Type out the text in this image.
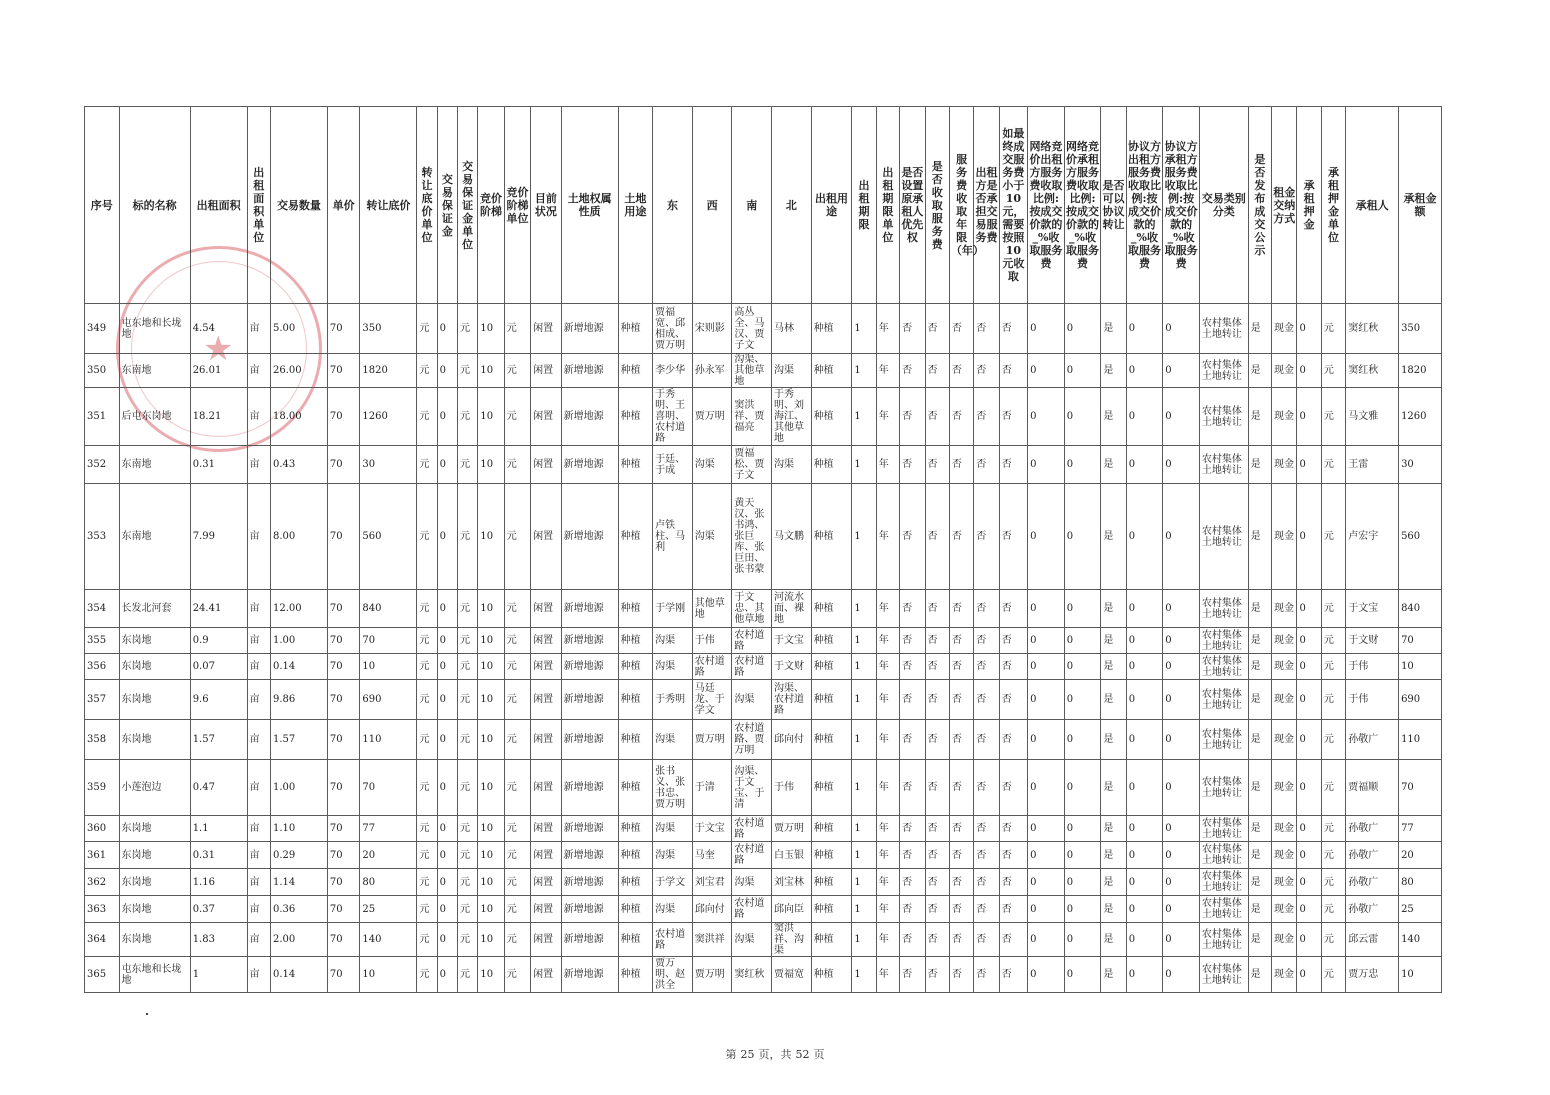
★
序号	标的名称	出租面积	出租面积单位	交易数量	单价	转让底价	转让底价单位	交易保证金	交易保证金单位	竞价阶梯	竞价阶梯单位	目前状况	土地权属性质	土地用途	东	西	南	北	出租用途	出租期限	出租期限单位	是否设置原承租人优先权	是否收取服务费	服务费收取年限（年）	出租方是否承担交易服务费	如最终成交服务费小于10元，需要按照10元收取	网络竞价出租方服务费收取比例:按成交价款的_%收取服务费	网络竞价承租方服务费收取比例:按成交价款的_%收取服务费	是否可以协议转让	协议方出租方服务费收取比例:按成交价款的_%收取服务费	协议方承租方服务费收取比例:按成交价款的_%收取服务费	交易类别分类	是否发布成交公示	租金交纳方式	承租押金	承租押金单位	承租人	承租金额
349	屯东地和长垅地	4.54	亩	5.00	70	350	元	0	元	10	元	闲置	新增地源	种植	贾福宽、邱相成、贾万明	宋则影	高丛全、马汉、贾子文	马林	种植	1	年	否	否	否	否	否	0	0	是	0	0	农村集体土地转让	是	现金	0	元	窦红秋	350
350	东南地	26.01	亩	26.00	70	1820	元	0	元	10	元	闲置	新增地源	种植	李少华	孙永军	沟渠、其他草地	沟渠	种植	1	年	否	否	否	否	否	0	0	是	0	0	农村集体土地转让	是	现金	0	元	窦红秋	1820
351	后屯东岗地	18.21	亩	18.00	70	1260	元	0	元	10	元	闲置	新增地源	种植	于秀明、王喜明、农村道路	贾万明	窦洪祥、贾福亮	于秀明、刘海江、其他草地	种植	1	年	否	否	否	否	否	0	0	是	0	0	农村集体土地转让	是	现金	0	元	马文雅	1260
352	东南地	0.31	亩	0.43	70	30	元	0	元	10	元	闲置	新增地源	种植	于廷、于成	沟渠	贾福松、贾子文	沟渠	种植	1	年	否	否	否	否	否	0	0	是	0	0	农村集体土地转让	是	现金	0	元	王雷	30
353	东南地	7.99	亩	8.00	70	560	元	0	元	10	元	闲置	新增地源	种植	卢铁柱、马利	沟渠	黄天汉、张书鸿、张巨库、张巨田、张书蒙	马文鹏	种植	1	年	否	否	否	否	否	0	0	是	0	0	农村集体土地转让	是	现金	0	元	卢宏宇	560
354	长发北河套	24.41	亩	12.00	70	840	元	0	元	10	元	闲置	新增地源	种植	于学刚	其他草地	于文忠、其他草地	河流水面、裸地	种植	1	年	否	否	否	否	否	0	0	是	0	0	农村集体土地转让	是	现金	0	元	于文宝	840
355	东岗地	0.9	亩	1.00	70	70	元	0	元	10	元	闲置	新增地源	种植	沟渠	于伟	农村道路	于文宝	种植	1	年	否	否	否	否	否	0	0	是	0	0	农村集体土地转让	是	现金	0	元	于文财	70
356	东岗地	0.07	亩	0.14	70	10	元	0	元	10	元	闲置	新增地源	种植	沟渠	农村道路	农村道路	于文财	种植	1	年	否	否	否	否	否	0	0	是	0	0	农村集体土地转让	是	现金	0	元	于伟	10
357	东岗地	9.6	亩	9.86	70	690	元	0	元	10	元	闲置	新增地源	种植	于秀明	马廷龙、于学文	沟渠	沟渠、农村道路	种植	1	年	否	否	否	否	否	0	0	是	0	0	农村集体土地转让	是	现金	0	元	于伟	690
358	东岗地	1.57	亩	1.57	70	110	元	0	元	10	元	闲置	新增地源	种植	沟渠	贾万明	农村道路、贾万明	邱向付	种植	1	年	否	否	否	否	否	0	0	是	0	0	农村集体土地转让	是	现金	0	元	孙敬广	110
359	小莲泡边	0.47	亩	1.00	70	70	元	0	元	10	元	闲置	新增地源	种植	张书义、张书忠、贾万明	于清	沟渠、于文宝、于清	于伟	种植	1	年	否	否	否	否	否	0	0	是	0	0	农村集体土地转让	是	现金	0	元	贾福顺	70
360	东岗地	1.1	亩	1.10	70	77	元	0	元	10	元	闲置	新增地源	种植	沟渠	于文宝	农村道路	贾万明	种植	1	年	否	否	否	否	否	0	0	是	0	0	农村集体土地转让	是	现金	0	元	孙敬广	77
361	东岗地	0.31	亩	0.29	70	20	元	0	元	10	元	闲置	新增地源	种植	沟渠	马奎	农村道路	白玉银	种植	1	年	否	否	否	否	否	0	0	是	0	0	农村集体土地转让	是	现金	0	元	孙敬广	20
362	东岗地	1.16	亩	1.14	70	80	元	0	元	10	元	闲置	新增地源	种植	于学文	刘宝君	沟渠	刘宝林	种植	1	年	否	否	否	否	否	0	0	是	0	0	农村集体土地转让	是	现金	0	元	孙敬广	80
363	东岗地	0.37	亩	0.36	70	25	元	0	元	10	元	闲置	新增地源	种植	沟渠	邱向付	农村道路	邱向臣	种植	1	年	否	否	否	否	否	0	0	是	0	0	农村集体土地转让	是	现金	0	元	孙敬广	25
364	东岗地	1.83	亩	2.00	70	140	元	0	元	10	元	闲置	新增地源	种植	农村道路	窦洪祥	沟渠	窦洪祥、沟渠	种植	1	年	否	否	否	否	否	0	0	是	0	0	农村集体土地转让	是	现金	0	元	邱云雷	140
365	屯东地和长垅地	1	亩	0.14	70	10	元	0	元	10	元	闲置	新增地源	种植	贾万明、赵洪全	贾万明	窦红秋	贾福宽	种植	1	年	否	否	否	否	否	0	0	是	0	0	农村集体土地转让	是	现金	0	元	贾万忠	10
第 25 页，共 52 页
